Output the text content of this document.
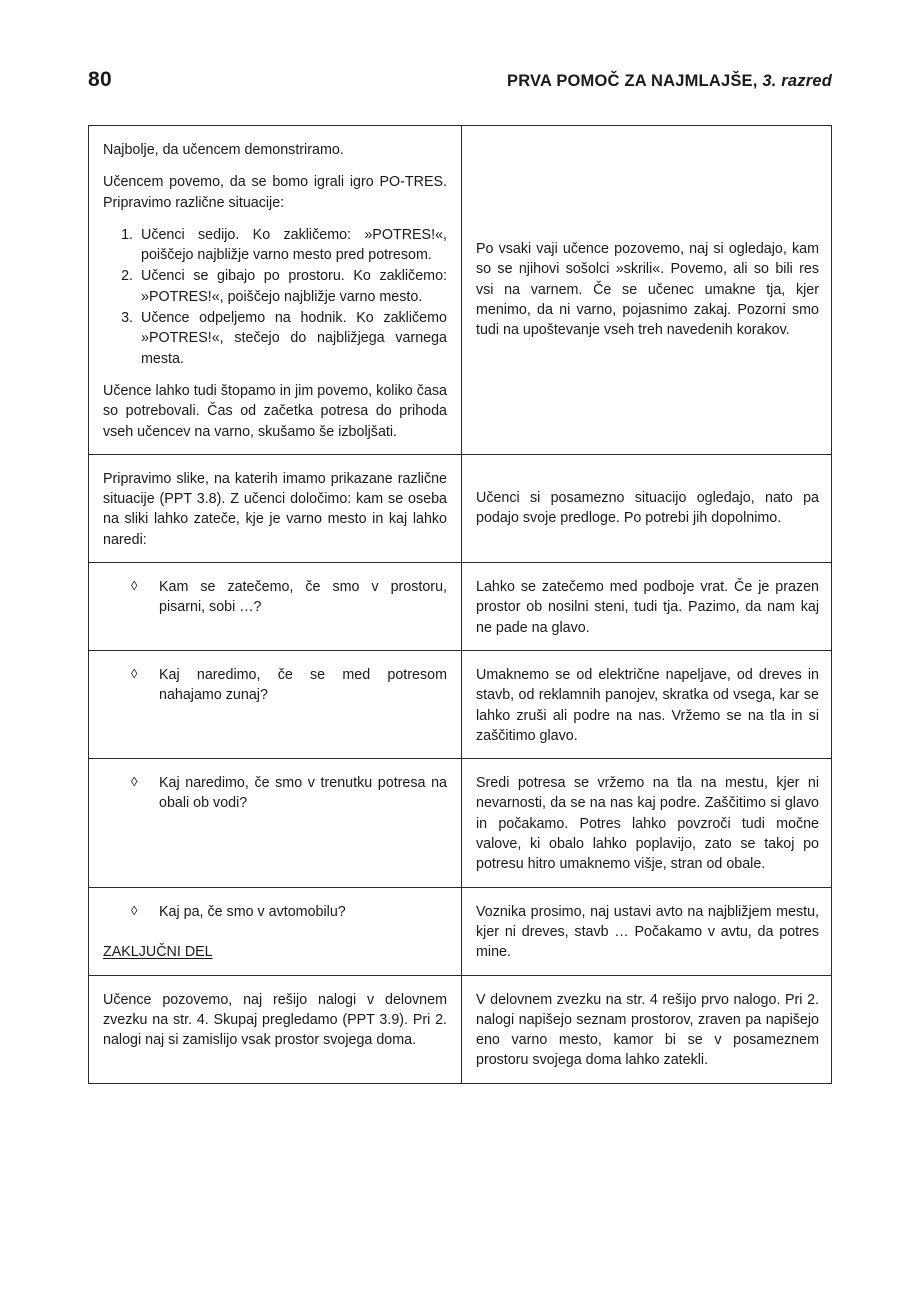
80	PRVA POMOČ ZA NAJMLAJŠE, 3. razred

Najbolje, da učencem demonstriramo.

Učencem povemo, da se bomo igrali igro PO‑TRES. Pripravimo različne situacije:

1. Učenci sedijo. Ko zakličemo: »POTRES!«, poiščejo najbližje varno mesto pred potresom.
2. Učenci se gibajo po prostoru. Ko zakličemo: »POTRES!«, poiščejo najbližje varno mesto.
3. Učence odpeljemo na hodnik. Ko zakličemo »POTRES!«, stečejo do najbližjega varnega mesta.

Učence lahko tudi štopamo in jim povemo, koliko časa so potrebovali. Čas od začetka potresa do prihoda vseh učencev na varno, skušamo še izboljšati.

Po vsaki vaji učence pozovemo, naj si ogledajo, kam so se njihovi sošolci »skrili«. Povemo, ali so bili res vsi na varnem. Če se učenec umakne tja, kjer menimo, da ni varno, pojasnimo zakaj. Pozorni smo tudi na upoštevanje vseh treh navedenih korakov.

Pripravimo slike, na katerih imamo prikazane različne situacije (PPT 3.8). Z učenci določimo: kam se oseba na sliki lahko zateče, kje je varno mesto in kaj lahko naredi:

Učenci si posamezno situacijo ogledajo, nato pa podajo svoje predloge. Po potrebi jih dopolnimo.

◊ Kam se zatečemo, če smo v prostoru, pisarni, sobi …?

Lahko se zatečemo med podboje vrat. Če je prazen prostor ob nosilni steni, tudi tja. Pazimo, da nam kaj ne pade na glavo.

◊ Kaj naredimo, če se med potresom nahajamo zunaj?

Umaknemo se od električne napeljave, od dreves in stavb, od reklamnih panojev, skratka od vsega, kar se lahko zruši ali podre na nas. Vržemo se na tla in si zaščitimo glavo.

◊ Kaj naredimo, če smo v trenutku potresa na obali ob vodi?

Sredi potresa se vržemo na tla na mestu, kjer ni nevarnosti, da se na nas kaj podre. Zaščitimo si glavo in počakamo. Potres lahko povzroči tudi močne valove, ki obalo lahko poplavijo, zato se takoj po potresu hitro umaknemo višje, stran od obale.

◊ Kaj pa, če smo v avtomobilu?

ZAKLJUČNI DEL

Voznika prosimo, naj ustavi avto na najbližjem mestu, kjer ni dreves, stavb … Počakamo v avtu, da potres mine.

Učence pozovemo, naj rešijo nalogi v delovnem zvezku na str. 4. Skupaj pregledamo (PPT 3.9). Pri 2. nalogi naj si zamislijo vsak prostor svojega doma.

V delovnem zvezku na str. 4 rešijo prvo nalogo. Pri 2. nalogi napišejo seznam prostorov, zraven pa napišejo eno varno mesto, kamor bi se v posameznem prostoru svojega doma lahko zatekli.
